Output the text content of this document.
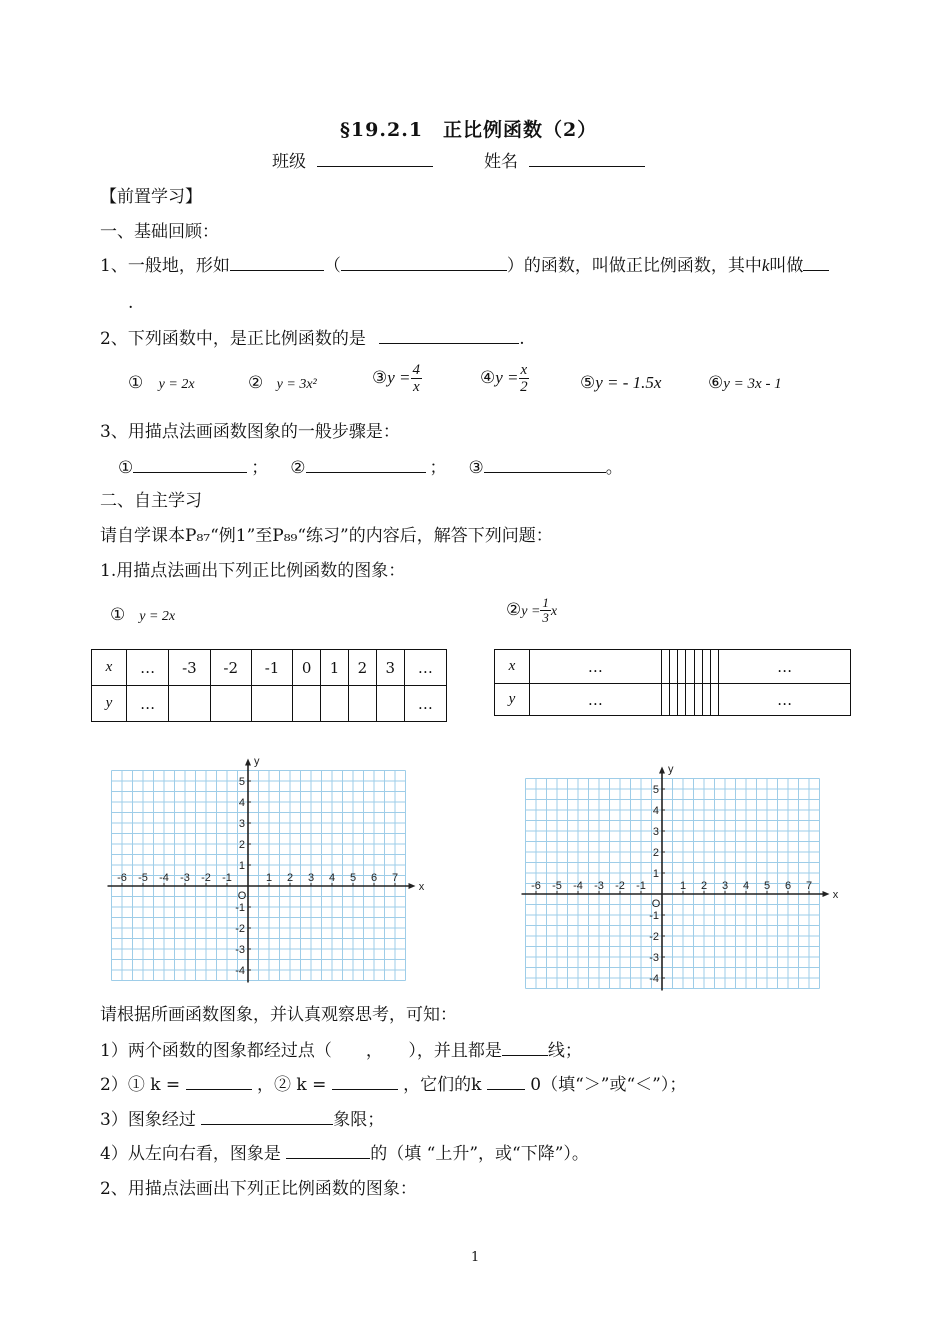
§19.2.1　正比例函数（2）
班级	姓名
【前置学习】
一、基础回顾：
1、一般地，形如	（	）的函数，叫做正比例函数，其中k叫做
.
2、下列函数中，是正比例函数的是	.
① y = 2x	② y = 3x²	③y = $\frac{4}{x}$	④y = $\frac{x}{2}$	⑤y = - 1.5x	⑥y = 3x - 1
3、用描点法画函数图象的一般步骤是：
①	； ②	； ③	。
二、自主学习
请自学课本P₈₇“例1”至P₈₉“练习”的内容后，解答下列问题：
1.用描点法画出下列正比例函数的图象：
① y = 2x	②y = $\frac{1}{3}$ x
x	…	-3	-2	-1	0	1	2	3	…
y	…								…
x	…								…
y	…								…
x
y
O
-6 -5 -4 -3 -2 -1	1 2 3 4 5 6 7
5
4
3
2
1
-1
-2
-3
-4
x
y
O
-6 -5 -4 -3 -2 -1	1 2 3 4 5 6 7
5
4
3
2
1
-1
-2
-3
-4
请根据所画函数图象，并认真观察思考，可知：
1）两个函数的图象都经过点（　　，　　），并且都是	线；
2）① k =	，② k =	，它们的k	0（填“＞”或“＜”）；
3）图象经过	象限；
4）从左向右看，图象是	的（填 “上升”，或“下降”）。
2、用描点法画出下列正比例函数的图象：
1
